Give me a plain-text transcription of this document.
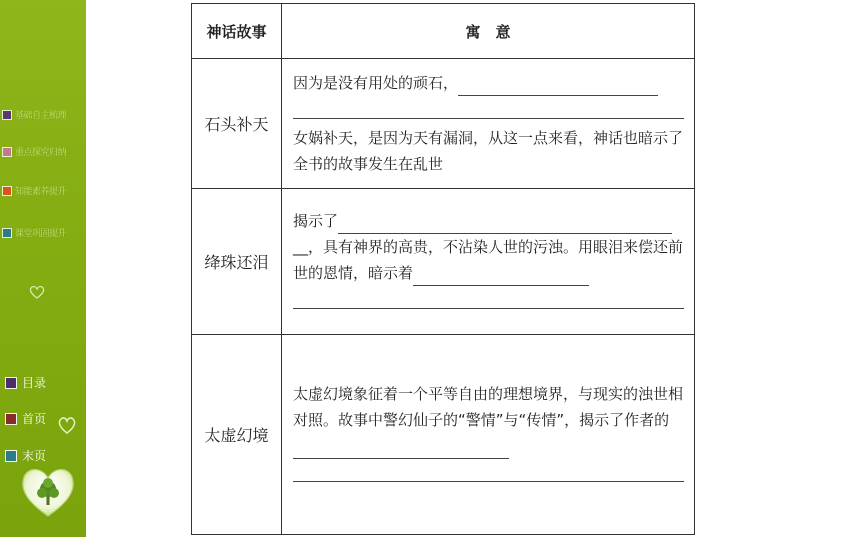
基础自主梳理
重点探究归纳
知能素养提升
课堂巩固提升
目录
首页
末页
神话故事	寓　意
石头补天	因为是没有用处的顽石，
女娲补天，是因为天有漏洞，从这一点来看，神话也暗示了全书的故事发生在乱世
绛珠还泪	揭示了
__，具有神界的高贵，不沾染人世的污浊。用眼泪来偿还前世的恩情，暗示着

太虚幻境	太虚幻境象征着一个平等自由的理想境界，与现实的浊世相对照。故事中警幻仙子的“警情”与“传情”，揭示了作者的
